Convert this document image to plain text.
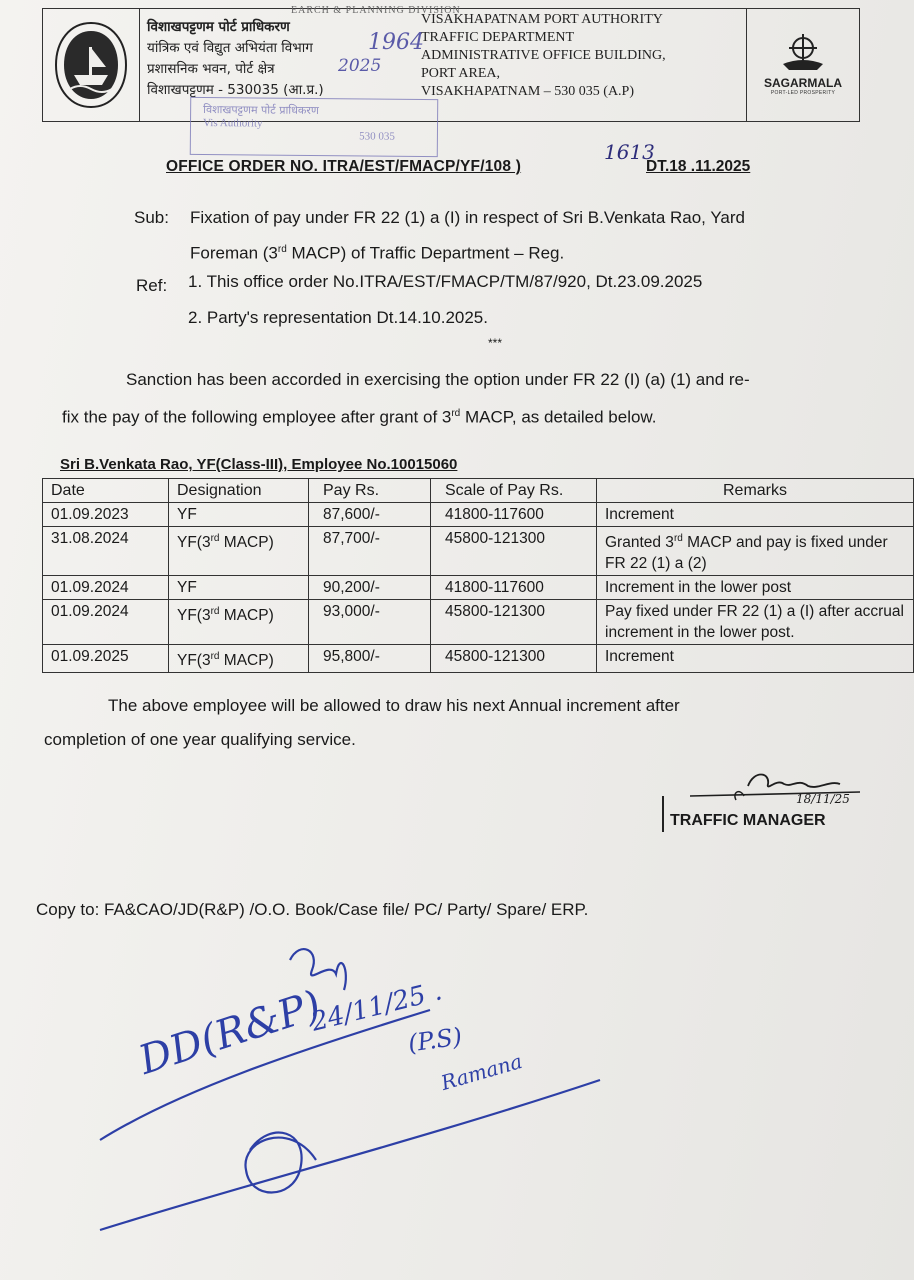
EARCH & PLANNING DIVISION
विशाखपट्टणम पोर्ट प्राधिकरण
यांत्रिक एवं विद्युत अभियंता विभाग
प्रशासनिक भवन, पोर्ट क्षेत्र
विशाखपट्टणम - 530035 (आ.प्र.)
VISAKHAPATNAM PORT AUTHORITY
TRAFFIC DEPARTMENT
ADMINISTRATIVE OFFICE BUILDING,
PORT AREA,
VISAKHAPATNAM – 530 035 (A.P)
SAGARMALA
PORT-LED PROSPERITY
1964
2025
विशाखपट्टणम पोर्ट प्राधिकरण
Vis Authority
530 035
OFFICE ORDER NO. ITRA/EST/FMACP/YF/108 )
1613
DT.18 .11.2025
Sub: Fixation of pay under FR 22 (1) a (I) in respect of Sri B.Venkata Rao, Yard
Foreman (3rd MACP) of Traffic Department – Reg.
Ref: 1. This office order No.ITRA/EST/FMACP/TM/87/920, Dt.23.09.2025
2. Party's representation Dt.14.10.2025.
***
Sanction has been accorded in exercising the option under FR 22 (I) (a) (1) and re-
fix the pay of the following employee after grant of 3rd MACP, as detailed below.
Sri B.Venkata Rao, YF(Class-III), Employee No.10015060
Date	Designation	Pay Rs.	Scale of Pay Rs.	Remarks
01.09.2023	YF	87,600/-	41800-117600	Increment
31.08.2024	YF(3rd MACP)	87,700/-	45800-121300	Granted 3rd MACP and pay is fixed under FR 22 (1) a (2)
01.09.2024	YF	90,200/-	41800-117600	Increment in the lower post
01.09.2024	YF(3rd MACP)	93,000/-	45800-121300	Pay fixed under FR 22 (1) a (I) after accrual increment in the lower post.
01.09.2025	YF(3rd MACP)	95,800/-	45800-121300	Increment
The above employee will be allowed to draw his next Annual increment after
completion of one year qualifying service.
18/11/25
TRAFFIC MANAGER
Copy to: FA&CAO/JD(R&P) /O.O. Book/Case file/ PC/ Party/ Spare/ ERP.
DD(R&P)
24/11/25 .
(P.S)
Ramana
